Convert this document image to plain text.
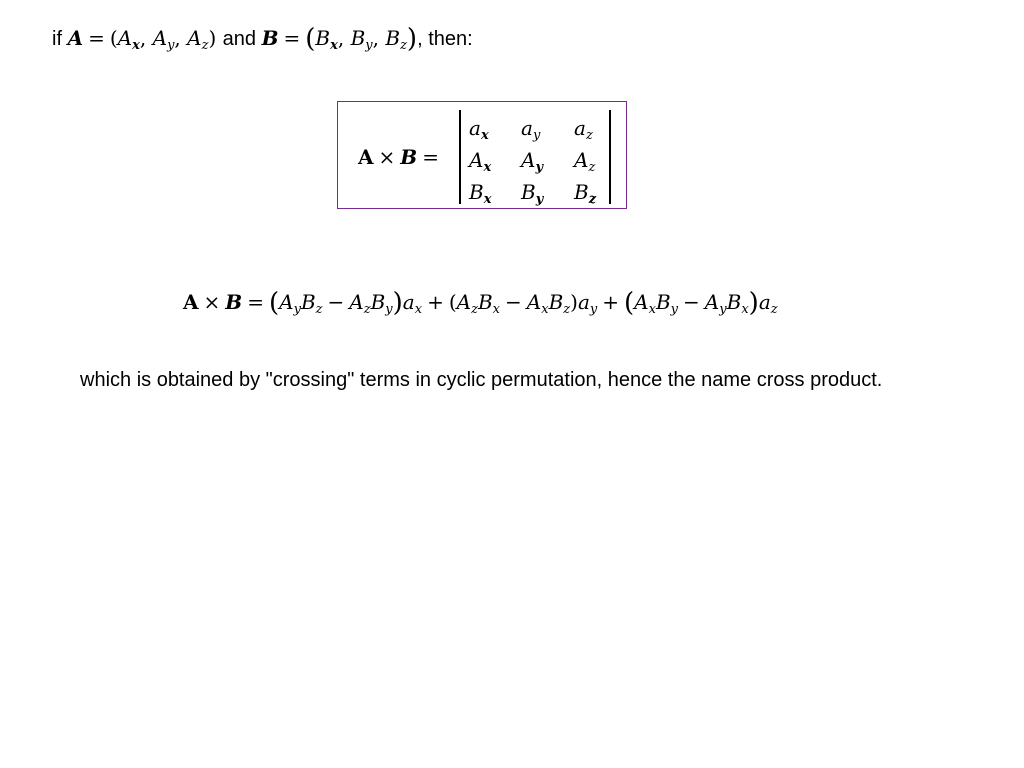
if $A = (A_x$, $A_y$, $A_z$) and $B = (B_x$, $B_y$, $B_z$), then:
A × B =
$a_x$ $a_y$ $a_z$
$A_x$ $A_y$ $A_z$
$B_x$ $B_y$ $B_z$
$A \times B = (A_yB_z - A_zB_y)a_x + (A_zB_x - A_xB_z)a_y + (A_xB_y - A_yB_x)a_z$
which is obtained by "crossing" terms in cyclic permutation, hence the name cross product.
